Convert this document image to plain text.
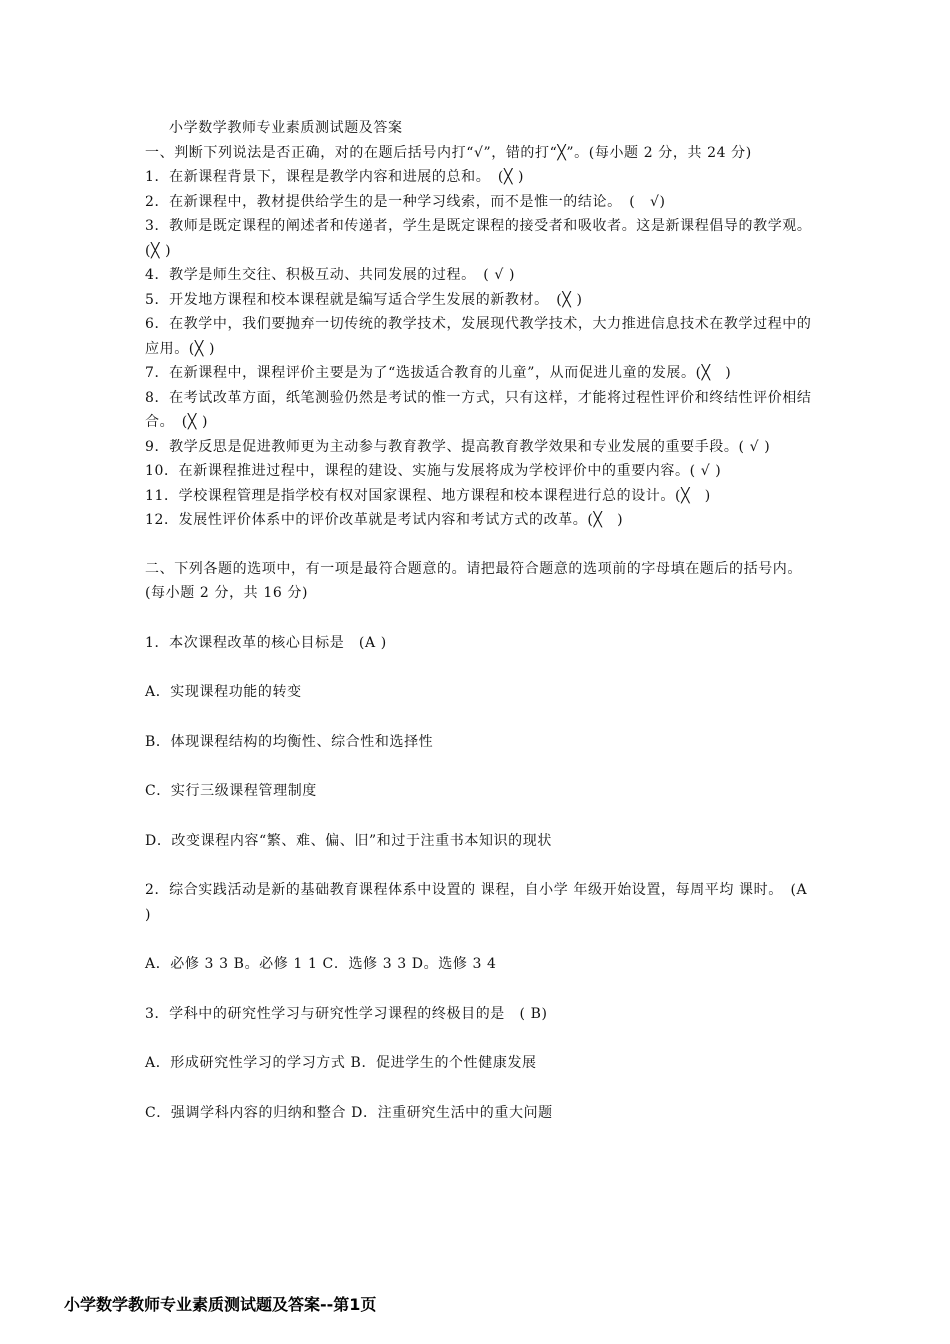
小学数学教师专业素质测试题及答案
一、判断下列说法是否正确，对的在题后括号内打“√”，错的打“╳”。(每小题 2 分，共 24 分)
1．在新课程背景下，课程是教学内容和进展的总和。　(╳ )
2．在新课程中，教材提供给学生的是一种学习线索，而不是惟一的结论。　(　√)
3．教师是既定课程的阐述者和传递者，学生是既定课程的接受者和吸收者。这是新课程倡导的教学观。　(╳ )
4．教学是师生交往、积极互动、共同发展的过程。　( √ )
5．开发地方课程和校本课程就是编写适合学生发展的新教材。　(╳ )
6．在教学中，我们要抛弃一切传统的教学技术，发展现代教学技术，大力推进信息技术在教学过程中的应用。(╳ )
7．在新课程中，课程评价主要是为了“选拔适合教育的儿童”，从而促进儿童的发展。(╳　)
8．在考试改革方面，纸笔测验仍然是考试的惟一方式，只有这样，才能将过程性评价和终结性评价相结合。　(╳ )
9．教学反思是促进教师更为主动参与教育教学、提高教育教学效果和专业发展的重要手段。( √ )
10．在新课程推进过程中，课程的建设、实施与发展将成为学校评价中的重要内容。( √ )
11．学校课程管理是指学校有权对国家课程、地方课程和校本课程进行总的设计。(╳　)
12．发展性评价体系中的评价改革就是考试内容和考试方式的改革。(╳　)
二、下列各题的选项中，有一项是最符合题意的。请把最符合题意的选项前的字母填在题后的括号内。(每小题 2 分，共 16 分)
1．本次课程改革的核心目标是　(A )
A．实现课程功能的转变
B．体现课程结构的均衡性、综合性和选择性
C．实行三级课程管理制度
D．改变课程内容“繁、难、偏、旧”和过于注重书本知识的现状
2．综合实践活动是新的基础教育课程体系中设置的 课程，自小学 年级开始设置，每周平均 课时。　(A )
A．必修 3 3 B。必修 1 1 C．选修 3 3 D。选修 3 4
3．学科中的研究性学习与研究性学习课程的终极目的是　( B)
A．形成研究性学习的学习方式 B．促进学生的个性健康发展
C．强调学科内容的归纳和整合 D．注重研究生活中的重大问题
小学数学教师专业素质测试题及答案--第1页
